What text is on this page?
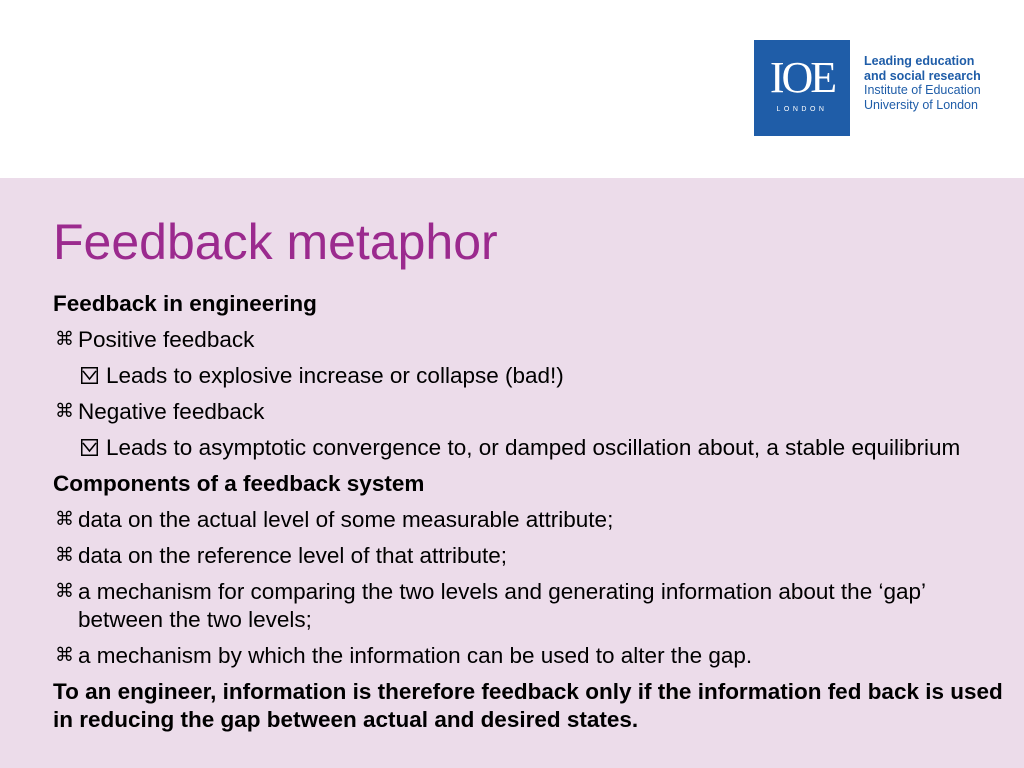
IOE
LONDON
Leading education
and social research
Institute of Education
University of London
Feedback metaphor
Feedback in engineering
⌘ Positive feedback
Leads to explosive increase or collapse (bad!)
⌘ Negative feedback
Leads to asymptotic convergence to, or damped oscillation about, a stable equilibrium
Components of a feedback system
⌘ data on the actual level of some measurable attribute;
⌘ data on the reference level of that attribute;
⌘ a mechanism for comparing the two levels and generating information about the ‘gap’ between the two levels;
⌘ a mechanism by which the information can be used to alter the gap.
To an engineer, information is therefore feedback only if the information fed back is used in reducing the gap between actual and desired states.
